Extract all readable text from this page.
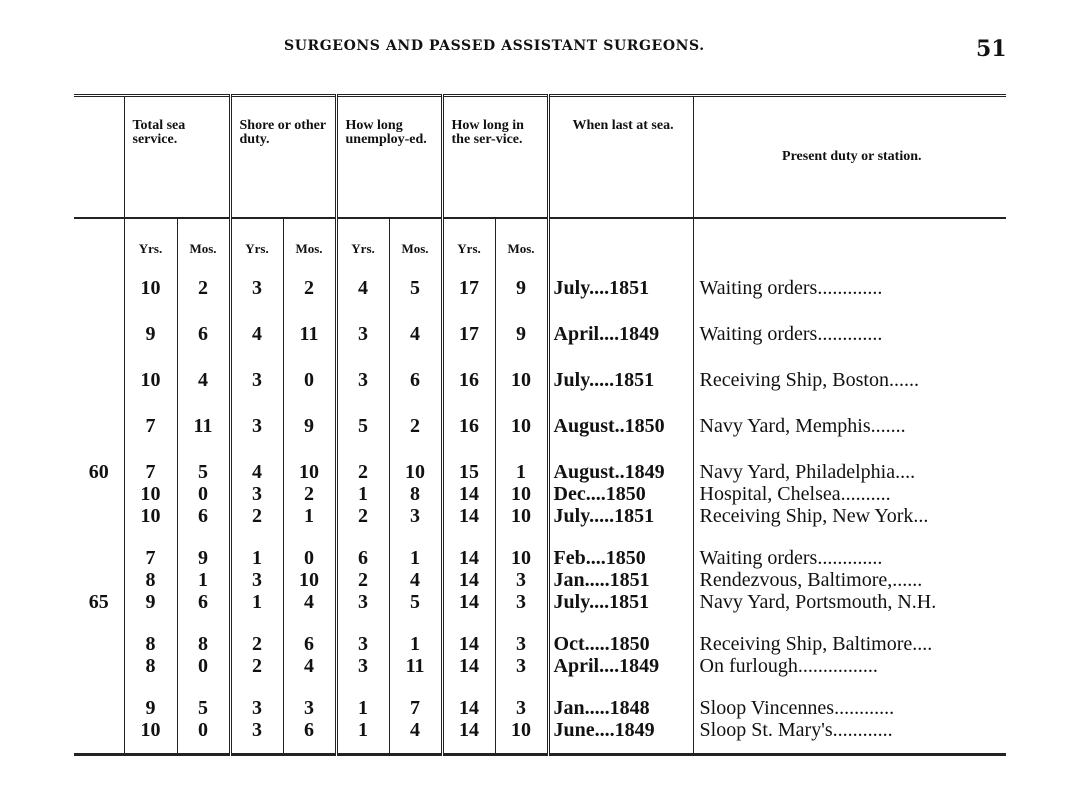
SURGEONS AND PASSED ASSISTANT SURGEONS.	51
	Total sea service.		Shore or other duty.		How long unemploy-ed.		How long in the ser-vice.		When last at sea.	Present duty or station.
	Yrs.	Mos.	Yrs.	Mos.	Yrs.	Mos.	Yrs.	Mos.		
	10	2	3	2	4	5	17	9	July....1851	Waiting orders.............
	9	6	4	11	3	4	17	9	April....1849	Waiting orders.............
	10	4	3	0	3	6	16	10	July.....1851	Receiving Ship, Boston......
	7	11	3	9	5	2	16	10	August..1850	Navy Yard, Memphis.......
60	7	5	4	10	2	10	15	1	August..1849	Navy Yard, Philadelphia....
	10	0	3	2	1	8	14	10	Dec....1850	Hospital, Chelsea..........
	10	6	2	1	2	3	14	10	July.....1851	Receiving Ship, New York...
	7	9	1	0	6	1	14	10	Feb....1850	Waiting orders.............
	8	1	3	10	2	4	14	3	Jan.....1851	Rendezvous, Baltimore,......
65	9	6	1	4	3	5	14	3	July....1851	Navy Yard, Portsmouth, N.H.
	8	8	2	6	3	1	14	3	Oct.....1850	Receiving Ship, Baltimore....
	8	0	2	4	3	11	14	3	April....1849	On furlough................
	9	5	3	3	1	7	14	3	Jan.....1848	Sloop Vincennes............
	10	0	3	6	1	4	14	10	June....1849	Sloop St. Mary's............
